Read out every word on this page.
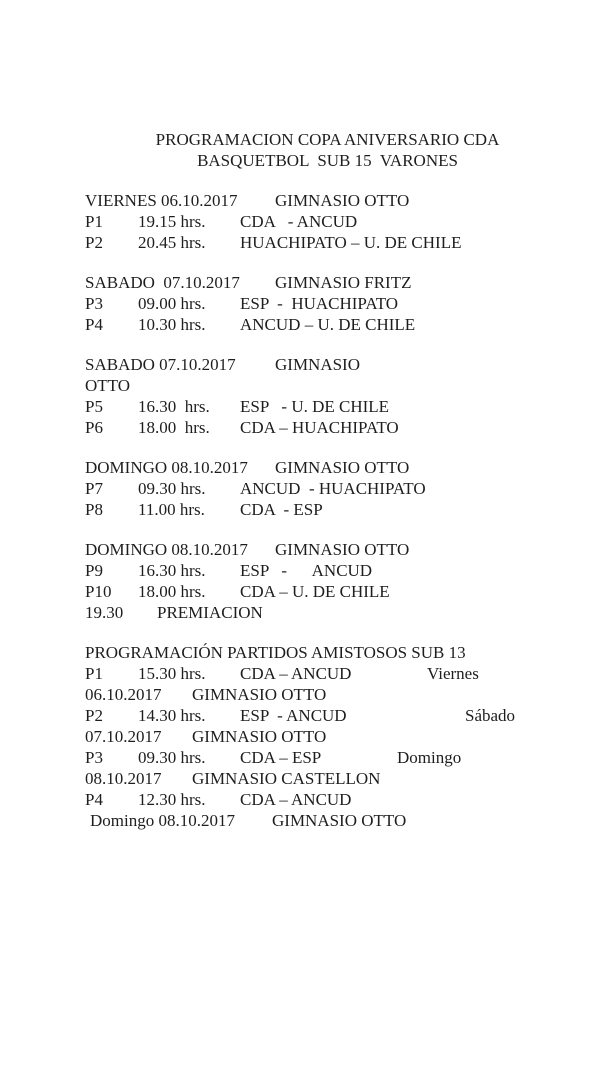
PROGRAMACION COPA ANIVERSARIO CDA
BASQUETBOL  SUB 15  VARONES
VIERNES 06.10.2017 GIMNASIO OTTO
P1 19.15 hrs. CDA   - ANCUD
P2 20.45 hrs. HUACHIPATO – U. DE CHILE
SABADO  07.10.2017 GIMNASIO FRITZ
P3 09.00 hrs. ESP  -  HUACHIPATO
P4 10.30 hrs. ANCUD – U. DE CHILE
SABADO 07.10.2017 GIMNASIO
OTTO
P5 16.30  hrs. ESP   - U. DE CHILE
P6 18.00  hrs. CDA – HUACHIPATO
DOMINGO 08.10.2017 GIMNASIO OTTO
P7 09.30 hrs. ANCUD  - HUACHIPATO
P8 11.00 hrs. CDA  - ESP
DOMINGO 08.10.2017 GIMNASIO OTTO
P9 16.30 hrs. ESP   -      ANCUD
P10 18.00 hrs. CDA – U. DE CHILE
19.30 PREMIACION
PROGRAMACIÓN PARTIDOS AMISTOSOS SUB 13
P1 15.30 hrs. CDA – ANCUD	Viernes
06.10.2017 GIMNASIO OTTO
P2 14.30 hrs. ESP  - ANCUD	Sábado
07.10.2017 GIMNASIO OTTO
P3 09.30 hrs. CDA – ESP	Domingo
08.10.2017 GIMNASIO CASTELLON
P4 12.30 hrs. CDA – ANCUD
Domingo 08.10.2017 GIMNASIO OTTO
